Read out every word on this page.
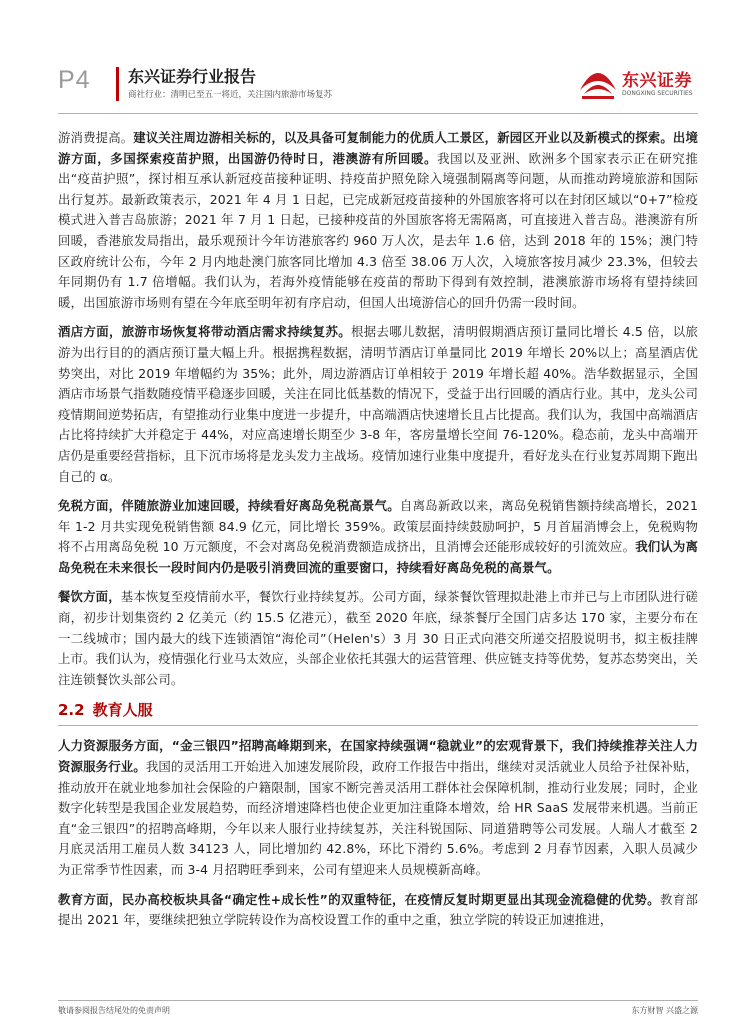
P4 东兴证券行业报告
商社行业：清明已至五一将近，关注国内旅游市场复苏
东兴证券
DONGXING SECURITIES

游消费提高。建议关注周边游相关标的，以及具备可复制能力的优质人工景区，新园区开业以及新模式的探索。出境游方面，多国探索疫苗护照，出国游仍待时日，港澳游有所回暖。我国以及亚洲、欧洲多个国家表示正在研究推出“疫苗护照”，探讨相互承认新冠疫苗接种证明、持疫苗护照免除入境强制隔离等问题，从而推动跨境旅游和国际出行复苏。最新政策表示，2021 年 4 月 1 日起，已完成新冠疫苗接种的外国旅客将可以在封闭区域以“0+7”检疫模式进入普吉岛旅游；2021 年 7 月 1 日起，已接种疫苗的外国旅客将无需隔离，可直接进入普吉岛。港澳游有所回暖，香港旅发局指出，最乐观预计今年访港旅客约 960 万人次，是去年 1.6 倍，达到 2018 年的 15%；澳门特区政府统计公布，今年 2 月内地赴澳门旅客同比增加 4.3 倍至 38.06 万人次，入境旅客按月减少 23.3%，但较去年同期仍有 1.7 倍增幅。我们认为，若海外疫情能够在疫苗的帮助下得到有效控制，港澳旅游市场将有望持续回暖，出国旅游市场则有望在今年底至明年初有序启动，但国人出境游信心的回升仍需一段时间。

酒店方面，旅游市场恢复将带动酒店需求持续复苏。根据去哪儿数据，清明假期酒店预订量同比增长 4.5 倍，以旅游为出行目的的酒店预订量大幅上升。根据携程数据，清明节酒店订单量同比 2019 年增长 20%以上；高星酒店优势突出，对比 2019 年增幅约为 35%；此外，周边游酒店订单相较于 2019 年增长超 40%。浩华数据显示，全国酒店市场景气指数随疫情平稳逐步回暖，关注在同比低基数的情况下，受益于出行回暖的酒店行业。其中，龙头公司疫情期间逆势拓店，有望推动行业集中度进一步提升，中高端酒店快速增长且占比提高。我们认为，我国中高端酒店占比将持续扩大并稳定于 44%，对应高速增长期至少 3-8 年，客房量增长空间 76-120%。稳态前，龙头中高端开店仍是重要经营指标，且下沉市场将是龙头发力主战场。疫情加速行业集中度提升，看好龙头在行业复苏周期下跑出自己的 α。

免税方面，伴随旅游业加速回暖，持续看好离岛免税高景气。自离岛新政以来，离岛免税销售额持续高增长，2021 年 1-2 月共实现免税销售额 84.9 亿元，同比增长 359%。政策层面持续鼓励呵护，5 月首届消博会上，免税购物将不占用离岛免税 10 万元额度，不会对离岛免税消费额造成挤出，且消博会还能形成较好的引流效应。我们认为离岛免税在未来很长一段时间内仍是吸引消费回流的重要窗口，持续看好离岛免税的高景气。

餐饮方面，基本恢复至疫情前水平，餐饮行业持续复苏。公司方面，绿茶餐饮管理拟赴港上市并已与上市团队进行磋商，初步计划集资约 2 亿美元（约 15.5 亿港元），截至 2020 年底，绿茶餐厅全国门店多达 170 家，主要分布在一二线城市；国内最大的线下连锁酒馆“海伦司”（Helen's）3 月 30 日正式向港交所递交招股说明书，拟主板挂牌上市。我们认为，疫情强化行业马太效应，头部企业依托其强大的运营管理、供应链支持等优势，复苏态势突出，关注连锁餐饮头部公司。

2.2 教育人服

人力资源服务方面，“金三银四”招聘高峰期到来，在国家持续强调“稳就业”的宏观背景下，我们持续推荐关注人力资源服务行业。我国的灵活用工开始进入加速发展阶段，政府工作报告中指出，继续对灵活就业人员给予社保补贴，推动放开在就业地参加社会保险的户籍限制，国家不断完善灵活用工群体社会保障机制，推动行业发展；同时，企业数字化转型是我国企业发展趋势，而经济增速降档也使企业更加注重降本增效，给 HR SaaS 发展带来机遇。当前正直“金三银四”的招聘高峰期，今年以来人服行业持续复苏，关注科锐国际、同道猎聘等公司发展。人瑞人才截至 2 月底灵活用工雇员人数 34123 人，同比增加约 42.8%，环比下滑约 5.6%。考虑到 2 月春节因素，入职人员减少为正常季节性因素，而 3-4 月招聘旺季到来，公司有望迎来人员规模新高峰。

教育方面，民办高校板块具备“确定性+成长性”的双重特征，在疫情反复时期更显出其现金流稳健的优势。教育部提出 2021 年，要继续把独立学院转设作为高校设置工作的重中之重，独立学院的转设正加速推进，

敬请参阅报告结尾处的免责声明	东方财智 兴盛之源
